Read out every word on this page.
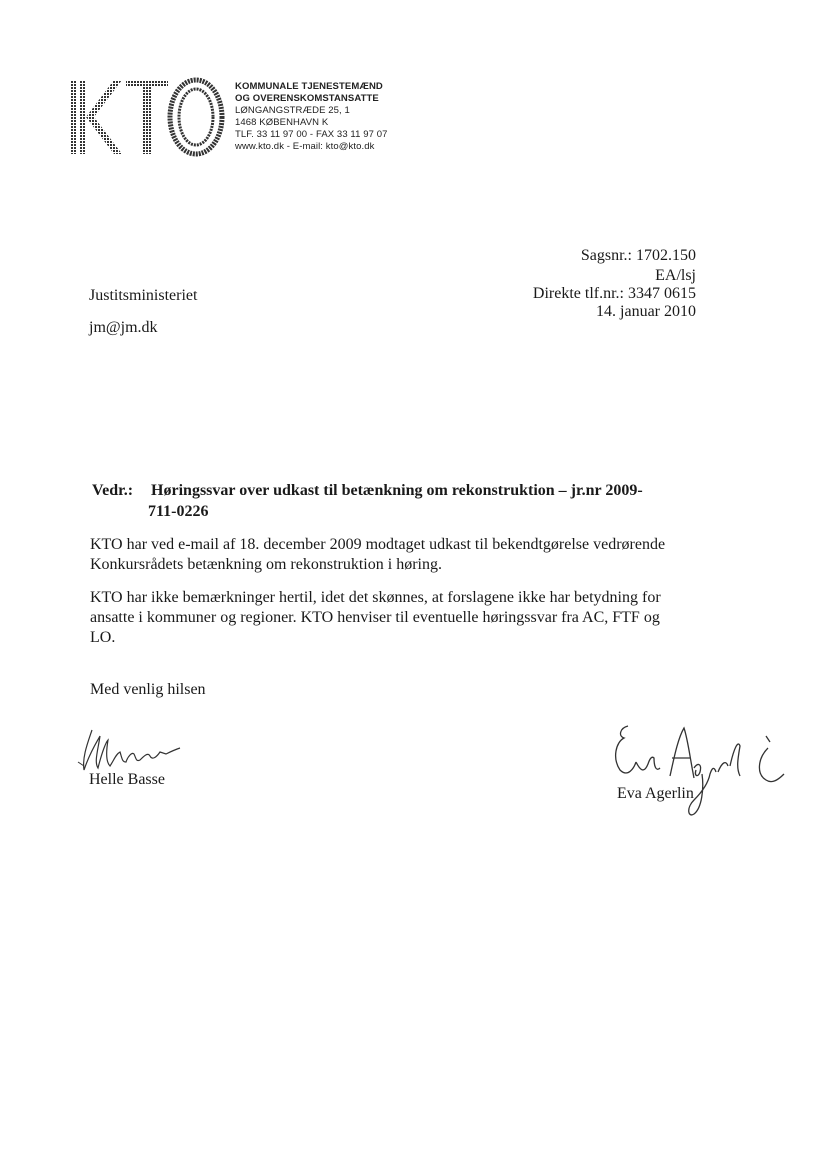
KOMMUNALE TJENESTEMÆND
OG OVERENSKOMSTANSATTE
LØNGANGSTRÆDE 25, 1
1468 KØBENHAVN K
TLF. 33 11 97 00 - FAX 33 11 97 07
www.kto.dk - E-mail: kto@kto.dk
Sagsnr.: 1702.150
EA/lsj
Direkte tlf.nr.: 3347 0615
14. januar 2010
Justitsministeriet
jm@jm.dk
Vedr.: Høringssvar over udkast til betænkning om rekonstruktion – jr.nr 2009-
711-0226
KTO har ved e-mail af 18. december 2009 modtaget udkast til bekendtgørelse vedrørende
Konkursrådets betænkning om rekonstruktion i høring.
KTO har ikke bemærkninger hertil, idet det skønnes, at forslagene ikke har betydning for
ansatte i kommuner og regioner. KTO henviser til eventuelle høringssvar fra AC, FTF og
LO.
Med venlig hilsen
Helle Basse
Eva Agerlin
